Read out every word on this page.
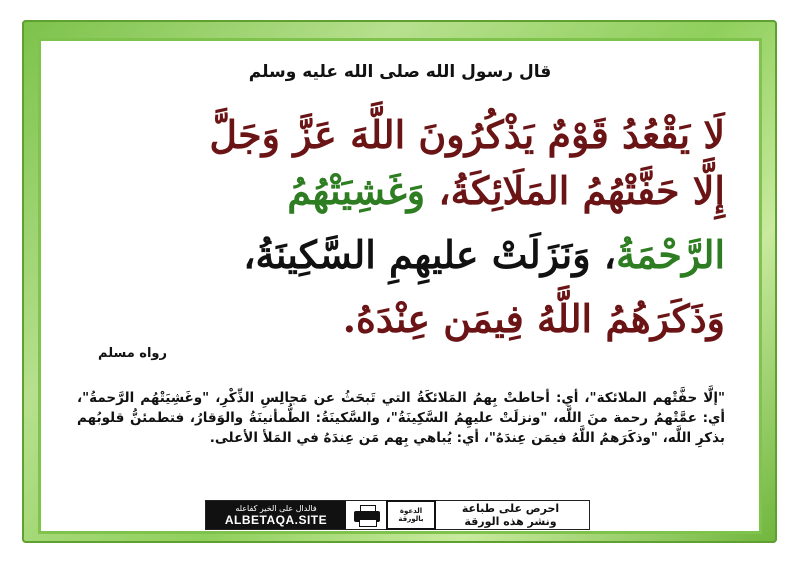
قال رسول الله صلى الله عليه وسلم
لَا يَقْعُدُ قَوْمٌ يَذْكُرُونَ اللَّهَ عَزَّ وَجَلَّ
إِلَّا حَفَّتْهُمُ المَلَائِكَةُ، وَغَشِيَتْهُمُ
الرَّحْمَةُ، وَنَزَلَتْ عليهِمِ السَّكِينَةُ،
وَذَكَرَهُمُ اللَّهُ فِيمَن عِنْدَهُ.
رواه مسلم
"إلَّا حفَّتْهم الملائكة"، أي: أحاطتْ بِهمُ المَلائكَةُ التي تَبحَثُ عن مَجالِسِ الذِّكْرِ، "وغَشِيَتْهُم الرَّحمةُ"، أي: عمَّتْهمُ رحمة منَ اللَّه، "ونزلَتْ عليهِمُ السَّكِينَةُ"، والسَّكينَةُ: الطُّمأنينَةُ والوَقارُ، فتطمئنُّ قلوبُهم بذكرِ اللَّه، "وذكَرَهمُ اللَّهُ فيمَن عِندَهُ"، أي: يُباهي بِهم مَن عِندَهُ في المَلأ الأعلى.
فالدال على الخير كفاعله
ALBETAQA.SITE
الدعوة بالورقة
احرص على طباعة
ونشر هذه الورقة
